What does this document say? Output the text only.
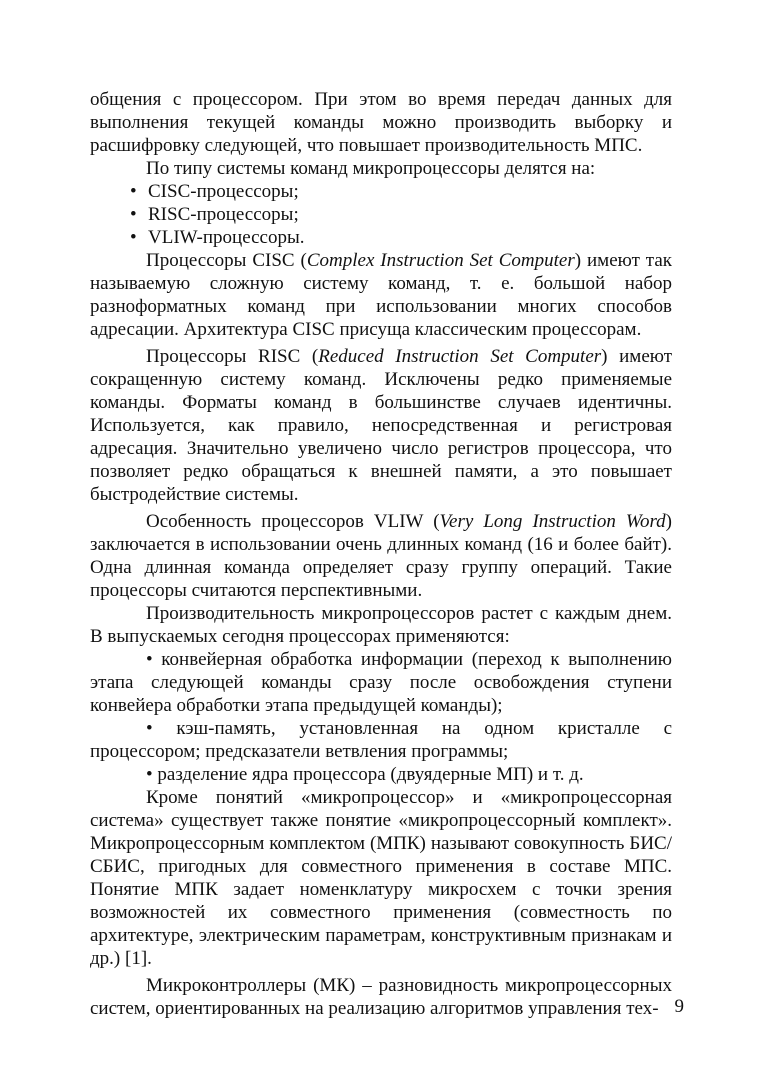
общения с процессором. При этом во время передач данных для выполнения текущей команды можно производить выборку и расшифровку следующей, что повышает производительность МПС.

По типу системы команд микропроцессоры делятся на:

• CISC-процессоры;
• RISC-процессоры;
• VLIW-процессоры.

Процессоры CISC (Complex Instruction Set Computer) имеют так называемую сложную систему команд, т. е. большой набор разноформатных команд при использовании многих способов адресации. Архитектура CISC присуща классическим процессорам.

Процессоры RISC (Reduced Instruction Set Computer) имеют сокращенную систему команд. Исключены редко применяемые команды. Форматы команд в большинстве случаев идентичны. Используется, как правило, непосредственная и регистровая адресация. Значительно увеличено число регистров процессора, что позволяет редко обращаться к внешней памяти, а это повышает быстродействие системы.

Особенность процессоров VLIW (Very Long Instruction Word) заключается в использовании очень длинных команд (16 и более байт). Одна длинная команда определяет сразу группу операций. Такие процессоры считаются перспективными.

Производительность микропроцессоров растет с каждым днем. В выпускаемых сегодня процессорах применяются:

• конвейерная обработка информации (переход к выполнению этапа следующей команды сразу после освобождения ступени конвейера обработки этапа предыдущей команды);

• кэш-память, установленная на одном кристалле с процессором; предсказатели ветвления программы;

• разделение ядра процессора (двуядерные МП) и т. д.

Кроме понятий «микропроцессор» и «микропроцессорная система» существует также понятие «микропроцессорный комплект». Микропроцессорным комплектом (МПК) называют совокупность БИС/СБИС, пригодных для совместного применения в составе МПС. Понятие МПК задает номенклатуру микросхем с точки зрения возможностей их совместного применения (совместность по архитектуре, электрическим параметрам, конструктивным признакам и др.) [1].

Микроконтроллеры (МК) – разновидность микропроцессорных систем, ориентированных на реализацию алгоритмов управления тех- 9
